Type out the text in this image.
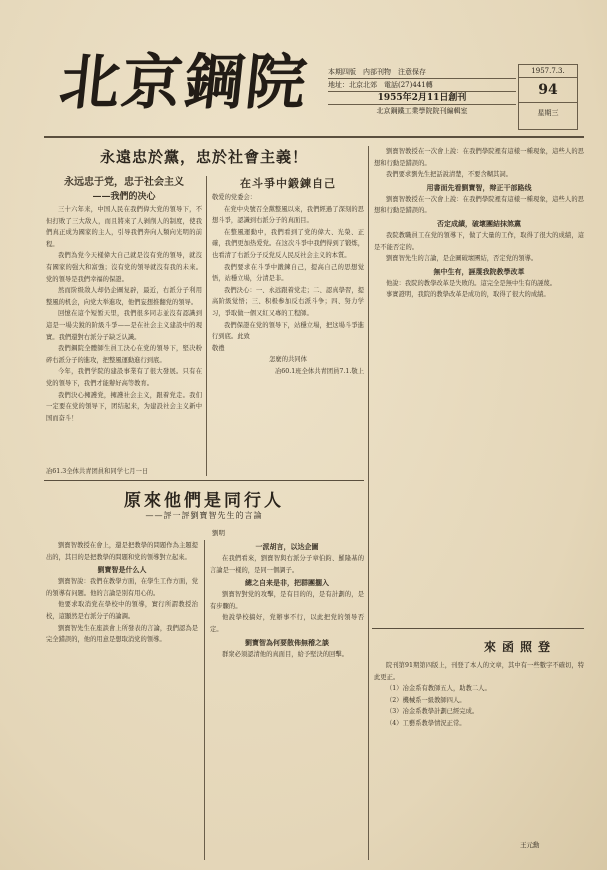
北京鋼院	本期四版　内部刊物　注意保存
地址：北京北郊　電話(27)441轉
1955年2月11日創刊
北京鋼鐵工業學院院刊編輯室
1957.7.3.
94
星期三
永遠忠於黨，忠於社會主義！
永远忠于党，忠于社会主义
——我們的决心

三十六年来，中国人民在我們偉大党的領导下，不但打敗了三大敌人，而且將來了人剝削人的制度，使我們真正成为國家的主人，引导我們奔向人類向光明的前程。

我們為党今天樣偉大自己就是沒有党的領导，就沒有國家的强大和富強；沒有党的領导就沒有我的未來。党的領导是我們幸福的保證。

然而阶级敌人却仍企圖复辟，最近，右派分子利用整風的机会，向党大举進攻，他們妄想推翻党的領导。

回憶在這个短暂天里，我們很多同志並沒有認識到這是一場尖銳的阶級斗爭——是在社会主义建設中的現實。我們還對右派分子缺乏认識。

我們鋼院全體師生員工決心在党的領导下，堅决粉碎右派分子的進攻，把整風運動進行到底。

今年，我們学院的建設事業有了很大發展。只有在党的領导下，我們才能辦好高等教育。

我們決心擁護党，擁護社会主义，跟着党走。我们一定要在党的領导下，团结起来，为建設社会主义新中国而奋斗！

冶61.3全体共青团員和同学七月一日
在斗爭中鍛鍊自己
敬爱的党委会：

在党中央號召全黨整風以來，我們經過了深刻的思想斗爭，認識到右派分子的真面目。

在整風運動中，我們看到了党的偉大、光榮、正確，我們更加热爱党。在这次斗爭中我們得到了锻炼，也看清了右派分子反党反人民反社会主义的本質。

我們要求在斗爭中鍛鍊自己，提高自己的思想觉悟，站穩立場，分清是非。

我們決心：一、永远跟着党走；二、認真學習，提高阶級觉悟；三、积极参加反右派斗争；四、努力学习，爭取做一個又紅又專的工程師。

我們保證在党的領导下，站穩立場，把这場斗爭進行到底。此致

敬禮
怎麼的共同体
冶60.1班全体共青团員7.1.敬上
原來他們是同行人
——評一評劉寶智先生的言論
劉明

劉寶智教授在會上，還是把教學的問題作為主題提出的，其目的是把教學的問題和党的領導對立起來。

劉寶智是什么人

劉寶智說：我們在教學方面，在學生工作方面，党的領導有问题。他的言論是別有用心的。

他要求取消党在學校中的領導，實行所謂教授治校，這顯然是右派分子的論調。

劉寶智先生在座談會上所發表的言論，我們認為是完全錯誤的，他的用意是想取消党的領導。

一派胡言，以达企圖

在我們看來，劉寶智與右派分子章伯鈞、羅隆基的言論是一樣的，是同一個調子。

總之自来是非，把群團擱入

劉寶智對党的攻擊，是有目的的，是有計劃的，是有步驟的。

他說學校搞好，党辦事不行，以此把党的領导否定。

劉寶智為何要散佈無稽之談

群衆必須認清他的真面目，給予堅決的回擊。

劉寶智教授在一次會上說：在我們學院裡有這樣一種現象，這些人的思想和行動是錯誤的。

我們要求劉先生把話說清楚，不要含糊其詞。

用書面先看劉寶智，辩正干部路线

劉寶智教授在一次會上說：在我們學院裡有這樣一種現象，這些人的思想和行動是錯誤的。

否定成績，破壞團結抹煞黨

我院教職員工在党的領導下，做了大量的工作，取得了很大的成績，這是不能否定的。

劉寶智先生的言論，是企圖破壞團結，否定党的領導。

無中生有，誣蔑我院教學改革

他說：我院的教學改革是失敗的。這完全是無中生有的誣蔑。

事實證明，我院的教學改革是成功的，取得了很大的成績。

來函照登

院刊第91期第四版上，刊登了本人的文章，其中有一些數字不確切，特此更正。

（1）冶金系有教師五人，助教二人。

（2）機械系一級教師四人。

（3）冶金系教學計劃已經完成。

（4）工藝系教學情況正常。

王元勳
